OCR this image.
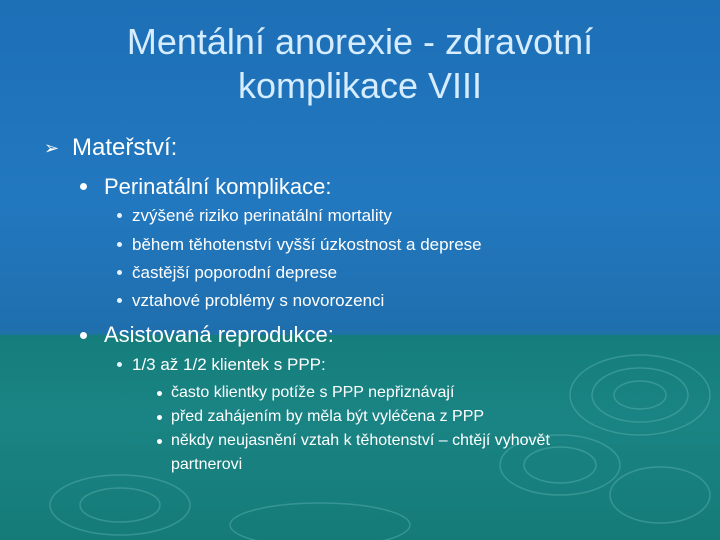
Mentální anorexie - zdravotní
komplikace VIII
➢ Mateřství:
Perinatální komplikace:
zvýšené riziko perinatální mortality
během těhotenství vyšší úzkostnost a deprese
častější poporodní deprese
vztahové problémy s novorozenci
Asistovaná reprodukce:
1/3 až 1/2 klientek s PPP:
často klientky potíže s PPP nepřiznávají
před zahájením by měla být vyléčena z PPP
někdy neujasnění vztah k těhotenství – chtějí vyhovět
partnerovi
